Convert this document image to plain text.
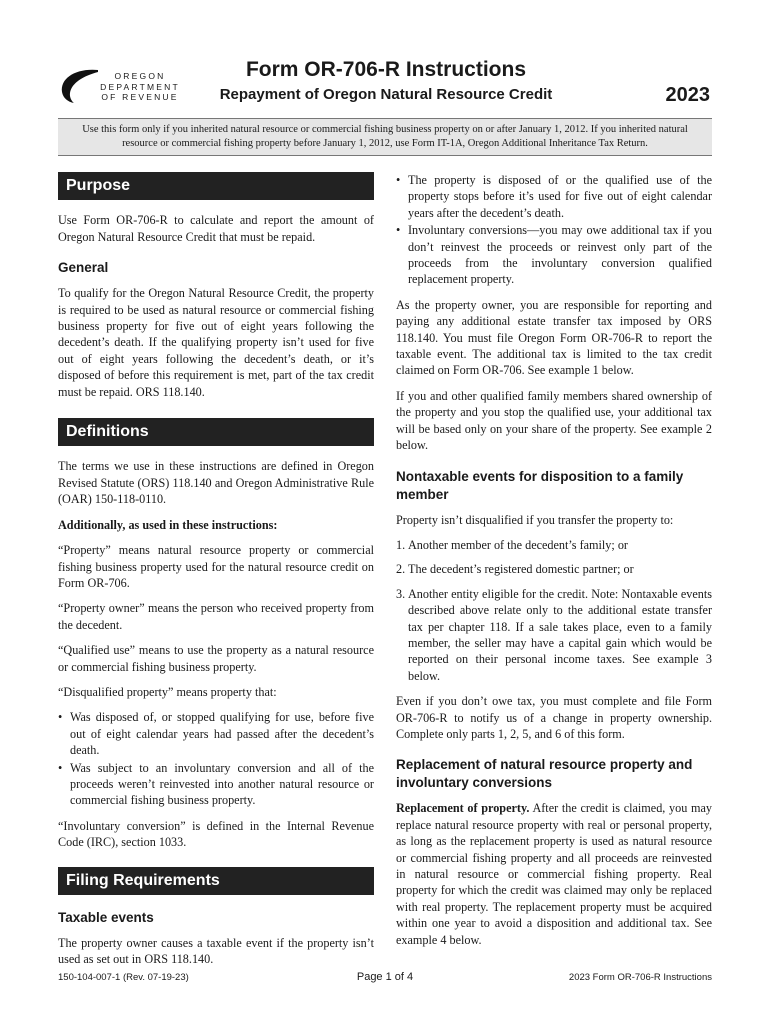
OREGON
DEPARTMENT
OF REVENUE
Form OR-706-R Instructions
Repayment of Oregon Natural Resource Credit	2023
Use this form only if you inherited natural resource or commercial fishing business property on or after January 1, 2012. If you inherited natural resource or commercial fishing property before January 1, 2012, use Form IT-1A, Oregon Additional Inheritance Tax Return.
Purpose

Use Form OR-706-R to calculate and report the amount of Oregon Natural Resource Credit that must be repaid.

General

To qualify for the Oregon Natural Resource Credit, the property is required to be used as natural resource or commercial fishing business property for five out of eight years following the decedent’s death. If the qualifying property isn’t used for five out of eight years following the decedent’s death, or it’s disposed of before this requirement is met, part of the tax credit must be repaid. ORS 118.140.

Definitions

The terms we use in these instructions are defined in Oregon Revised Statute (ORS) 118.140 and Oregon Administrative Rule (OAR) 150-118-0110.

Additionally, as used in these instructions:

“Property” means natural resource property or commercial fishing business property used for the natural resource credit on Form OR-706.

“Property owner” means the person who received property from the decedent.

“Qualified use” means to use the property as a natural resource or commercial fishing business property.

“Disqualified property” means property that:

• Was disposed of, or stopped qualifying for use, before five out of eight calendar years had passed after the decedent’s death.
• Was subject to an involuntary conversion and all of the proceeds weren’t reinvested into another natural resource or commercial fishing business property.

“Involuntary conversion” is defined in the Internal Revenue Code (IRC), section 1033.

Filing Requirements
Taxable events

The property owner causes a taxable event if the property isn’t used as set out in ORS 118.140.

• The property is disposed of or the qualified use of the property stops before it’s used for five out of eight calendar years after the decedent’s death.
• Involuntary conversions—you may owe additional tax if you don’t reinvest the proceeds or reinvest only part of the proceeds from the involuntary conversion qualified replacement property.

As the property owner, you are responsible for reporting and paying any additional estate transfer tax imposed by ORS 118.140. You must file Oregon Form OR-706-R to report the taxable event. The additional tax is limited to the tax credit claimed on Form OR-706. See example 1 below.

If you and other qualified family members shared ownership of the property and you stop the qualified use, your additional tax will be based only on your share of the property. See example 2 below.

Nontaxable events for disposition to a family member

Property isn’t disqualified if you transfer the property to:

1. Another member of the decedent’s family; or
2. The decedent’s registered domestic partner; or
3. Another entity eligible for the credit. Note: Nontaxable events described above relate only to the additional estate transfer tax per chapter 118. If a sale takes place, even to a family member, the seller may have a capital gain which would be reported on their personal income taxes. See example 3 below.

Even if you don’t owe tax, you must complete and file Form OR-706-R to notify us of a change in property ownership. Complete only parts 1, 2, 5, and 6 of this form.

Replacement of natural resource property and involuntary conversions

Replacement of property. After the credit is claimed, you may replace natural resource property with real or personal property, as long as the replacement property is used as natural resource or commercial fishing property and all proceeds are reinvested in natural resource or commercial fishing property. Real property for which the credit was claimed may only be replaced with real property. The replacement property must be acquired within one year to avoid a disposition and additional tax. See example 4 below.

150-104-007-1 (Rev. 07-19-23)	Page 1 of 4	2023 Form OR-706-R Instructions
